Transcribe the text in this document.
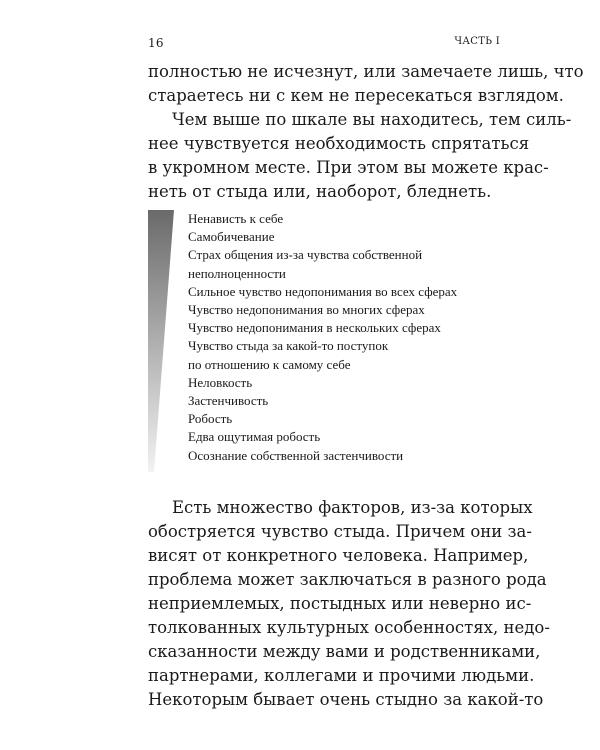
16	ЧАСТЬ I
полностью не исчезнут, или замечаете лишь, что
стараетесь ни с кем не пересекаться взглядом.
Чем выше по шкале вы находитесь, тем силь-
нее чувствуется необходимость спрятаться
в укромном месте. При этом вы можете крас-
неть от стыда или, наоборот, бледнеть.
Ненависть к себе
Самобичевание
Страх общения из-за чувства собственной
неполноценности
Сильное чувство недопонимания во всех сферах
Чувство недопонимания во многих сферах
Чувство недопонимания в нескольких сферах
Чувство стыда за какой-то поступок
по отношению к самому себе
Неловкость
Застенчивость
Робость
Едва ощутимая робость
Осознание собственной застенчивости
Есть множество факторов, из-за которых
обостряется чувство стыда. Причем они за-
висят от конкретного человека. Например,
проблема может заключаться в разного рода
неприемлемых, постыдных или неверно ис-
толкованных культурных особенностях, недо-
сказанности между вами и родственниками,
партнерами, коллегами и прочими людьми.
Некоторым бывает очень стыдно за какой-то
